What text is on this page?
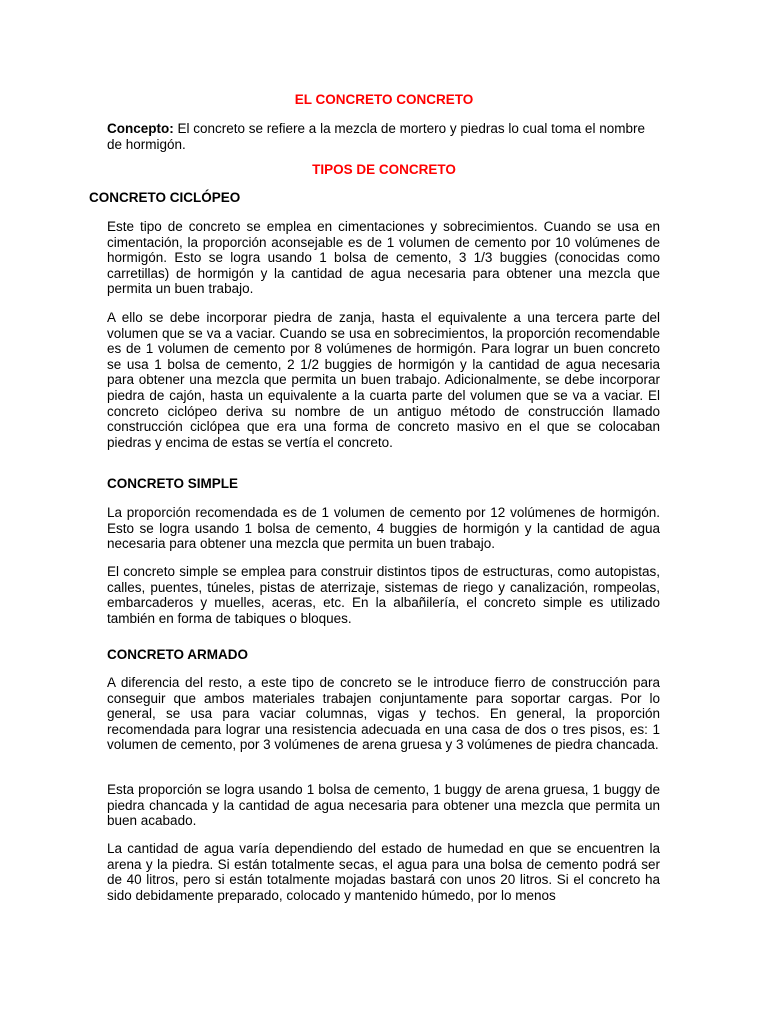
EL CONCRETO CONCRETO

Concepto: El concreto se refiere a la mezcla de mortero y piedras lo cual toma el nombre de hormigón.

TIPOS DE CONCRETO
CONCRETO CICLÓPEO

Este tipo de concreto se emplea en cimentaciones y sobrecimientos. Cuando se usa en cimentación, la proporción aconsejable es de 1 volumen de cemento por 10 volúmenes de hormigón. Esto se logra usando 1 bolsa de cemento, 3 1/3 buggies (conocidas como carretillas) de hormigón y la cantidad de agua necesaria para obtener una mezcla que permita un buen trabajo.

A ello se debe incorporar piedra de zanja, hasta el equivalente a una tercera parte del volumen que se va a vaciar. Cuando se usa en sobrecimientos, la proporción recomendable es de 1 volumen de cemento por 8 volúmenes de hormigón. Para lograr un buen concreto se usa 1 bolsa de cemento, 2 1/2 buggies de hormigón y la cantidad de agua necesaria para obtener una mezcla que permita un buen trabajo. Adicionalmente, se debe incorporar piedra de cajón, hasta un equivalente a la cuarta parte del volumen que se va a vaciar. El concreto ciclópeo deriva su nombre de un antiguo método de construcción llamado construcción ciclópea que era una forma de concreto masivo en el que se colocaban piedras y encima de estas se vertía el concreto.

CONCRETO SIMPLE

La proporción recomendada es de 1 volumen de cemento por 12 volúmenes de hormigón. Esto se logra usando 1 bolsa de cemento, 4 buggies de hormigón y la cantidad de agua necesaria para obtener una mezcla que permita un buen trabajo.

El concreto simple se emplea para construir distintos tipos de estructuras, como autopistas, calles, puentes, túneles, pistas de aterrizaje, sistemas de riego y canalización, rompeolas, embarcaderos y muelles, aceras, etc. En la albañilería, el concreto simple es utilizado también en forma de tabiques o bloques.

CONCRETO ARMADO

A diferencia del resto, a este tipo de concreto se le introduce fierro de construcción para conseguir que ambos materiales trabajen conjuntamente para soportar cargas. Por lo general, se usa para vaciar columnas, vigas y techos. En general, la proporción recomendada para lograr una resistencia adecuada en una casa de dos o tres pisos, es: 1 volumen de cemento, por 3 volúmenes de arena gruesa y 3 volúmenes de piedra chancada.

Esta proporción se logra usando 1 bolsa de cemento, 1 buggy de arena gruesa, 1 buggy de piedra chancada y la cantidad de agua necesaria para obtener una mezcla que permita un buen acabado.

La cantidad de agua varía dependiendo del estado de humedad en que se encuentren la arena y la piedra. Si están totalmente secas, el agua para una bolsa de cemento podrá ser de 40 litros, pero si están totalmente mojadas bastará con unos 20 litros. Si el concreto ha sido debidamente preparado, colocado y mantenido húmedo, por lo menos
